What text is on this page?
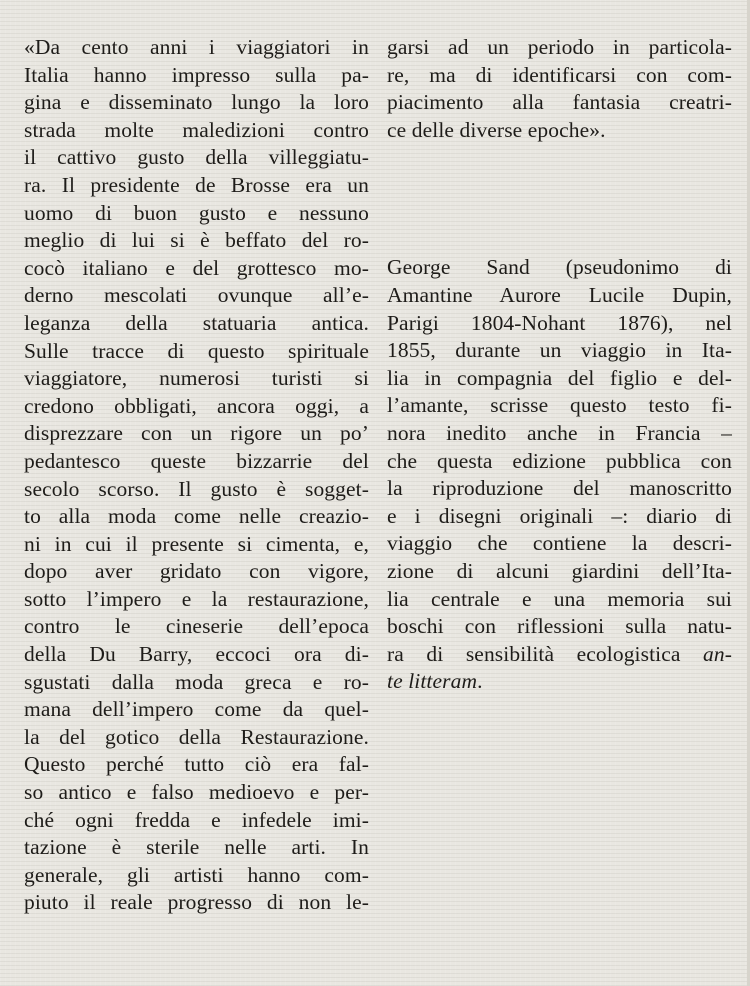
«Da cento anni i viaggiatori in
Italia hanno impresso sulla pa-
gina e disseminato lungo la loro
strada molte maledizioni contro
il cattivo gusto della villeggiatu-
ra. Il presidente de Brosse era un
uomo di buon gusto e nessuno
meglio di lui si è beffato del ro-
cocò italiano e del grottesco mo-
derno mescolati ovunque all’e-
leganza della statuaria antica.
Sulle tracce di questo spirituale
viaggiatore, numerosi turisti si
credono obbligati, ancora oggi, a
disprezzare con un rigore un po’
pedantesco queste bizzarrie del
secolo scorso. Il gusto è sogget-
to alla moda come nelle creazio-
ni in cui il presente si cimenta, e,
dopo aver gridato con vigore,
sotto l’impero e la restaurazione,
contro le cineserie dell’epoca
della Du Barry, eccoci ora di-
sgustati dalla moda greca e ro-
mana dell’impero come da quel-
la del gotico della Restaurazione.
Questo perché tutto ciò era fal-
so antico e falso medioevo e per-
ché ogni fredda e infedele imi-
tazione è sterile nelle arti. In
generale, gli artisti hanno com-
piuto il reale progresso di non le-
garsi ad un periodo in particola-
re, ma di identificarsi con com-
piacimento alla fantasia creatri-
ce delle diverse epoche».
George Sand (pseudonimo di
Amantine Aurore Lucile Dupin,
Parigi 1804-Nohant 1876), nel
1855, durante un viaggio in Ita-
lia in compagnia del figlio e del-
l’amante, scrisse questo testo fi-
nora inedito anche in Francia –
che questa edizione pubblica con
la riproduzione del manoscritto
e i disegni originali –: diario di
viaggio che contiene la descri-
zione di alcuni giardini dell’Ita-
lia centrale e una memoria sui
boschi con riflessioni sulla natu-
ra di sensibilità ecologistica an-
te litteram.
